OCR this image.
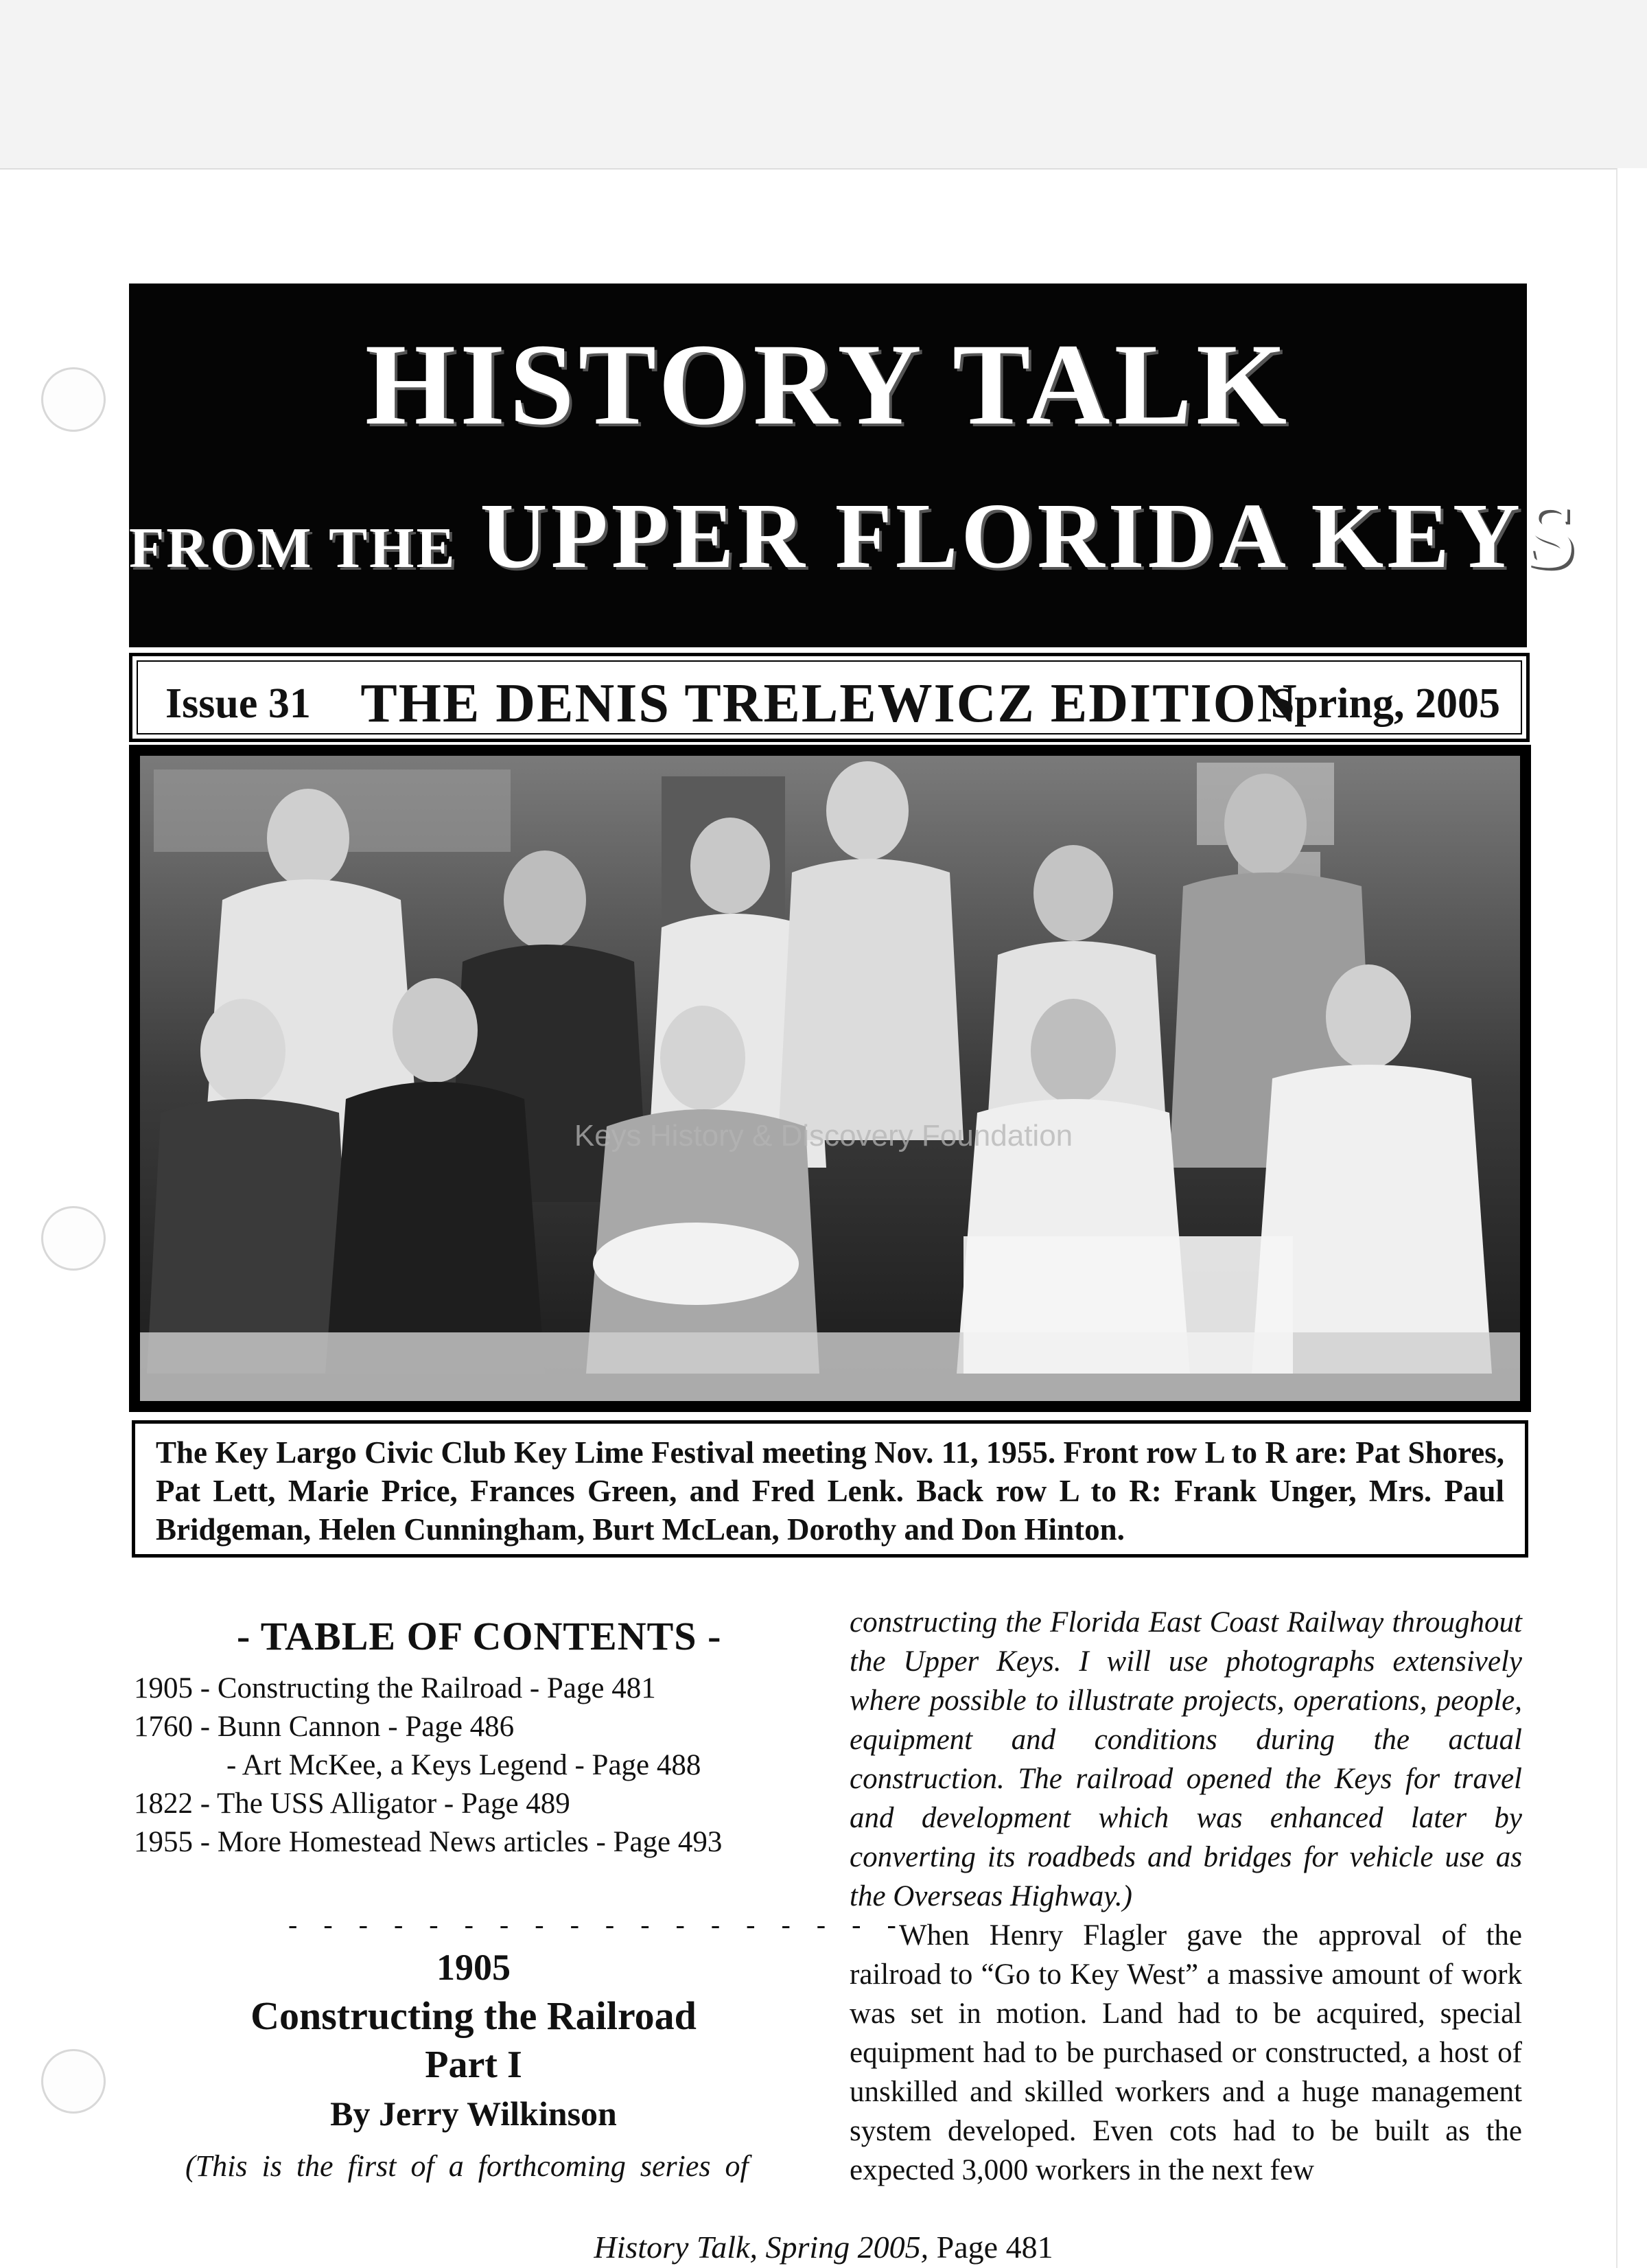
HISTORY TALK
FROM THE UPPER FLORIDA KEYS
THE DENIS TRELEWICZ EDITION
Issue 31	Spring, 2005
Keys History & Discovery Foundation
The Key Largo Civic Club Key Lime Festival meeting Nov. 11, 1955. Front row L to R are: Pat Shores, Pat Lett, Marie Price, Frances Green, and Fred Lenk. Back row L to R: Frank Unger, Mrs. Paul Bridgeman, Helen Cunningham, Burt McLean, Dorothy and Don Hinton.
- TABLE OF CONTENTS -
1905 - Constructing the Railroad - Page 481
1760 - Bunn Cannon - Page 486
- Art McKee, a Keys Legend - Page 488
1822 - The USS Alligator - Page 489
1955 - More Homestead News articles - Page 493
- - - - - - - - - - - - - - - - - -
1905
Constructing the Railroad
Part I
By Jerry Wilkinson
(This is the first of a forthcoming series of

constructing the Florida East Coast Railway throughout the Upper Keys. I will use photographs extensively where possible to illustrate projects, operations, people, equipment and conditions during the actual construction. The railroad opened the Keys for travel and development which was enhanced later by converting its roadbeds and bridges for vehicle use as the Overseas Highway.)

When Henry Flagler gave the approval of the railroad to “Go to Key West” a massive amount of work was set in motion. Land had to be acquired, special equipment had to be purchased or constructed, a host of unskilled and skilled workers and a huge management system developed. Even cots had to be built as the expected 3,000 workers in the next few

History Talk, Spring 2005, Page 481
